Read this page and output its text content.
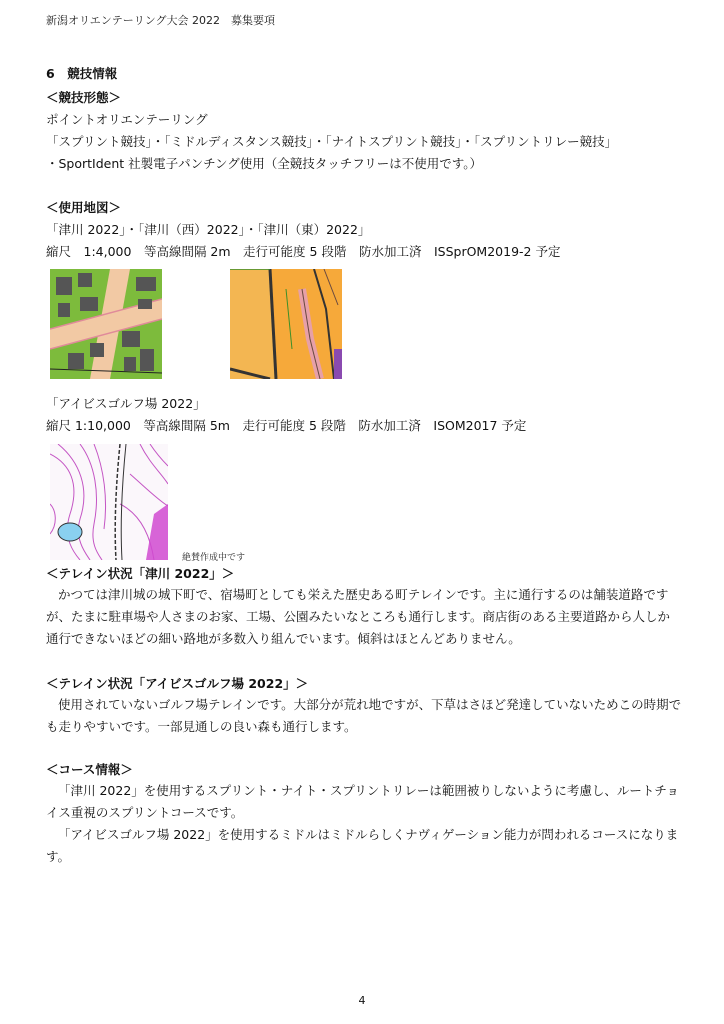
新潟オリエンテーリング大会 2022　募集要項
6　競技情報
＜競技形態＞
ポイントオリエンテーリング
「スプリント競技」・「ミドルディスタンス競技」・「ナイトスプリント競技」・「スプリントリレー競技」
・SportIdent 社製電子パンチング使用（全競技タッチフリーは不使用です。）
＜使用地図＞
「津川 2022」・「津川（西）2022」・「津川（東）2022」
縮尺　1:4,000　等高線間隔 2m　走行可能度 5 段階　防水加工済　ISSprOM2019-2 予定
「アイビスゴルフ場 2022」
縮尺 1:10,000　等高線間隔 5m　走行可能度 5 段階　防水加工済　ISOM2017 予定
絶賛作成中です
＜テレイン状況「津川 2022」＞
かつては津川城の城下町で、宿場町としても栄えた歴史ある町テレインです。主に通行するのは舗装道路ですが、たまに駐車場や人さまのお家、工場、公園みたいなところも通行します。商店街のある主要道路から人しか通行できないほどの細い路地が多数入り組んでいます。傾斜はほとんどありません。
＜テレイン状況「アイビスゴルフ場 2022」＞
使用されていないゴルフ場テレインです。大部分が荒れ地ですが、下草はさほど発達していないためこの時期でも走りやすいです。一部見通しの良い森も通行します。
＜コース情報＞
「津川 2022」を使用するスプリント・ナイト・スプリントリレーは範囲被りしないように考慮し、ルートチョイス重視のスプリントコースです。
「アイビスゴルフ場 2022」を使用するミドルはミドルらしくナヴィゲーション能力が問われるコースになります。
4
